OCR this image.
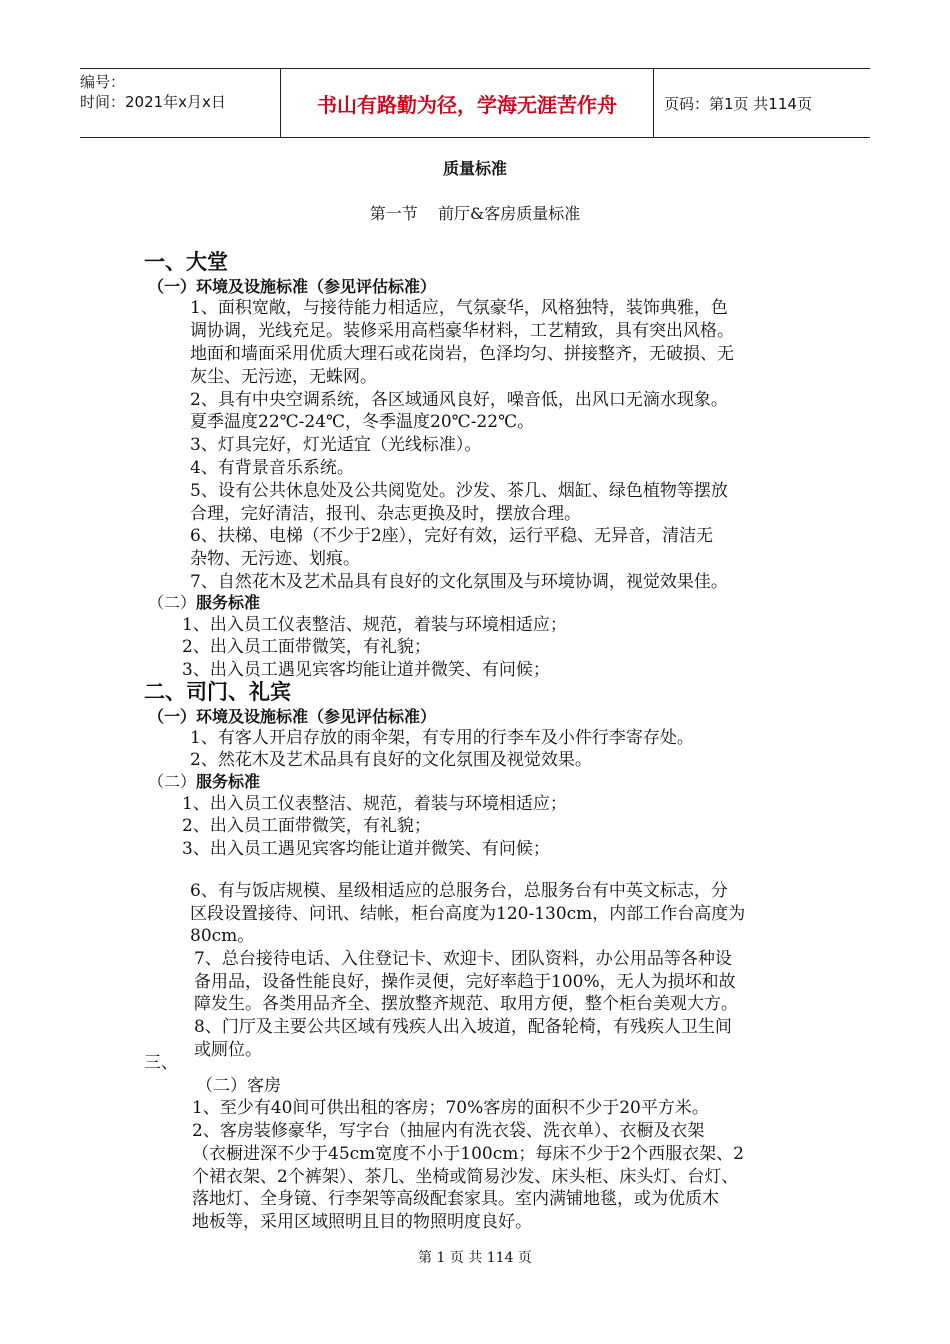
编号：
时间：2021年x月x日	书山有路勤为径，学海无涯苦作舟	页码：第1页 共114页
质量标准
第一节    前厅&客房质量标准
一、大堂
（一）环境及设施标准（参见评估标准）
1、面积宽敞，与接待能力相适应，气氛豪华，风格独特，装饰典雅，色
调协调，光线充足。装修采用高档豪华材料，工艺精致，具有突出风格。
地面和墙面采用优质大理石或花岗岩，色泽均匀、拼接整齐，无破损、无
灰尘、无污迹，无蛛网。
2、具有中央空调系统，各区域通风良好，噪音低，出风口无滴水现象。
夏季温度22℃-24℃，冬季温度20℃-22℃。
3、灯具完好，灯光适宜（光线标准）。
4、有背景音乐系统。
5、设有公共休息处及公共阅览处。沙发、茶几、烟缸、绿色植物等摆放
合理，完好清洁，报刊、杂志更换及时，摆放合理。
6、扶梯、电梯（不少于2座），完好有效，运行平稳、无异音，清洁无
杂物、无污迹、划痕。
7、自然花木及艺术品具有良好的文化氛围及与环境协调，视觉效果佳。
（二）服务标准
1、出入员工仪表整洁、规范，着装与环境相适应；
2、出入员工面带微笑，有礼貌；
3、出入员工遇见宾客均能让道并微笑、有问候；
二、司门、礼宾
（一）环境及设施标准（参见评估标准）
1、有客人开启存放的雨伞架，有专用的行李车及小件行李寄存处。
2、然花木及艺术品具有良好的文化氛围及视觉效果。
（二）服务标准
1、出入员工仪表整洁、规范，着装与环境相适应；
2、出入员工面带微笑，有礼貌；
3、出入员工遇见宾客均能让道并微笑、有问候；
6、有与饭店规模、星级相适应的总服务台，总服务台有中英文标志，分
区段设置接待、问讯、结帐，柜台高度为120-130cm，内部工作台高度为
80cm。
7、总台接待电话、入住登记卡、欢迎卡、团队资料，办公用品等各种设
备用品，设备性能良好，操作灵便，完好率趋于100%，无人为损坏和故
障发生。各类用品齐全、摆放整齐规范、取用方便，整个柜台美观大方。
8、门厅及主要公共区域有残疾人出入坡道，配备轮椅，有残疾人卫生间
或厕位。
三、
（二）客房
1、至少有40间可供出租的客房；70%客房的面积不少于20平方米。
2、客房装修豪华，写字台（抽屉内有洗衣袋、洗衣单）、衣橱及衣架
（衣橱进深不少于45cm宽度不小于100cm；每床不少于2个西服衣架、2
个裙衣架、2个裤架）、茶几、坐椅或简易沙发、床头柜、床头灯、台灯、
落地灯、全身镜、行李架等高级配套家具。室内满铺地毯，或为优质木
地板等，采用区域照明且目的物照明度良好。
第 1 页 共 114 页
